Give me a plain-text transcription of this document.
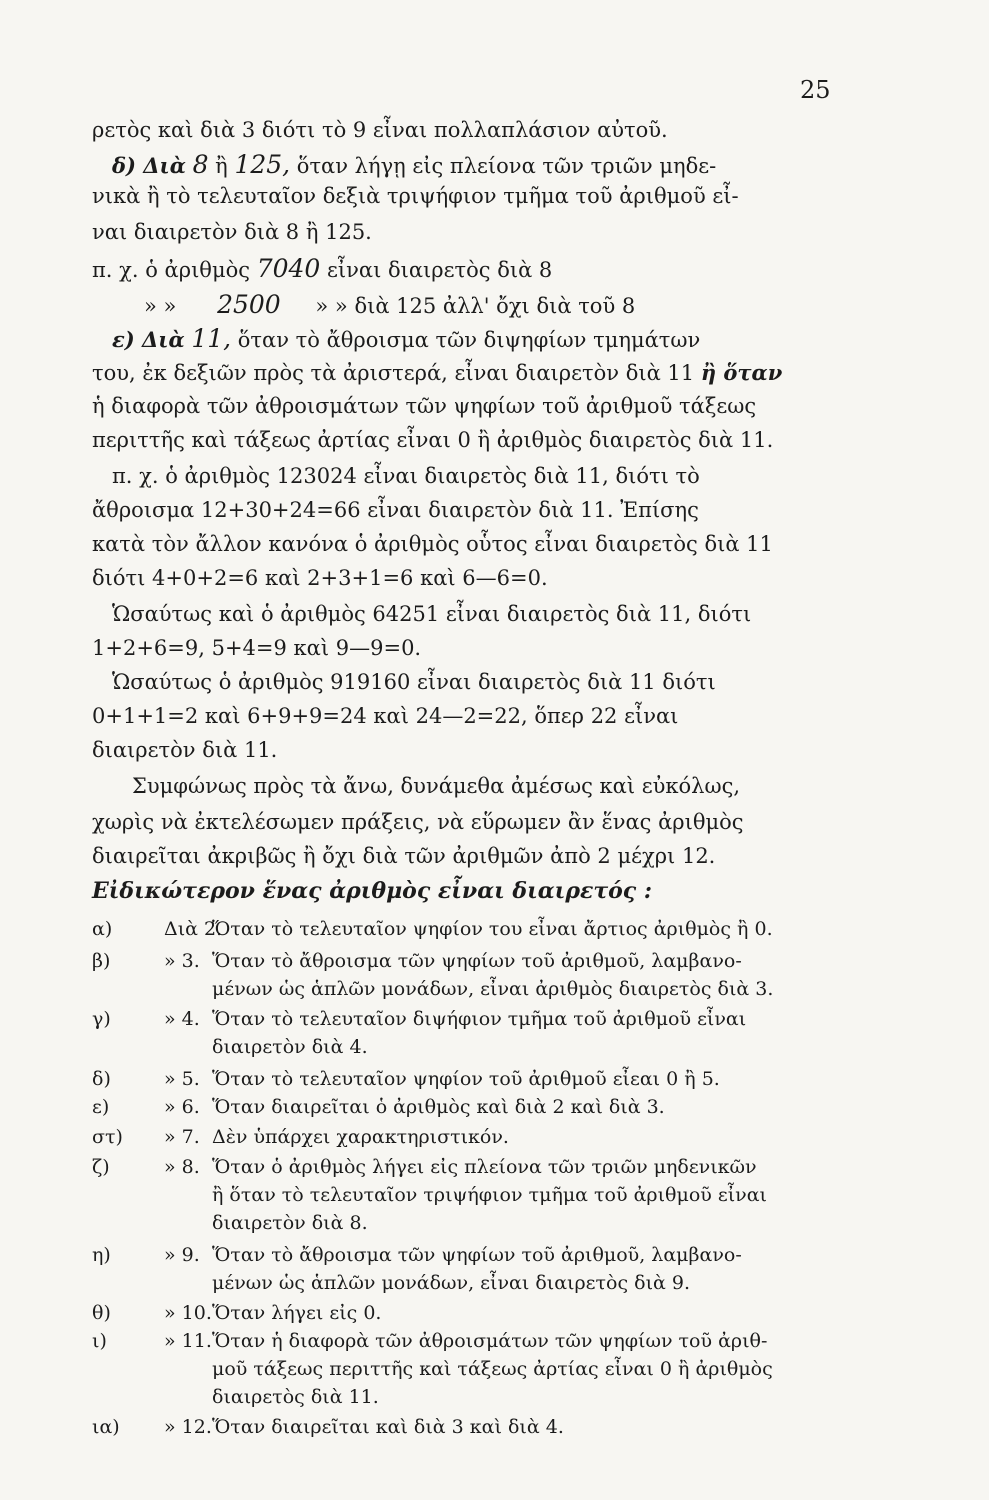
25
ρετὸς καὶ διὰ 3 διότι τὸ 9 εἶναι πολλαπλάσιον αὐτοῦ.
δ) Διὰ 8 ἢ 125, ὅταν λήγῃ εἰς πλείονα τῶν τριῶν μηδε-
νικὰ ἢ τὸ τελευταῖον δεξιὰ τριψήφιον τμῆμα τοῦ ἀριθμοῦ εἶ-
ναι διαιρετὸν διὰ 8 ἢ 125.
π. χ. ὁ ἀριθμὸς 7040 εἶναι διαιρετὸς διὰ 8
» » 2500 » » διὰ 125 ἀλλ' ὄχι διὰ τοῦ 8
ε) Διὰ 11, ὅταν τὸ ἄθροισμα τῶν διψηφίων τμημάτων
του, ἐκ δεξιῶν πρὸς τὰ ἀριστερά, εἶναι διαιρετὸν διὰ 11 ἢ ὅταν
ἡ διαφορὰ τῶν ἀθροισμάτων τῶν ψηφίων τοῦ ἀριθμοῦ τάξεως
περιττῆς καὶ τάξεως ἀρτίας εἶναι 0 ἢ ἀριθμὸς διαιρετὸς διὰ 11.
π. χ. ὁ ἀριθμὸς 123024 εἶναι διαιρετὸς διὰ 11, διότι τὸ
ἄθροισμα 12+30+24=66 εἶναι διαιρετὸν διὰ 11. Ἐπίσης
κατὰ τὸν ἄλλον κανόνα ὁ ἀριθμὸς οὗτος εἶναι διαιρετὸς διὰ 11
διότι 4+0+2=6 καὶ 2+3+1=6 καὶ 6—6=0.
Ὡσαύτως καὶ ὁ ἀριθμὸς 64251 εἶναι διαιρετὸς διὰ 11, διότι
1+2+6=9, 5+4=9 καὶ 9—9=0.
Ὡσαύτως ὁ ἀριθμὸς 919160 εἶναι διαιρετὸς διὰ 11 διότι
0+1+1=2 καὶ 6+9+9=24 καὶ 24—2=22, ὅπερ 22 εἶναι
διαιρετὸν διὰ 11.
Συμφώνως πρὸς τὰ ἄνω, δυνάμεθα ἀμέσως καὶ εὐκόλως,
χωρὶς νὰ ἐκτελέσωμεν πράξεις, νὰ εὕρωμεν ἂν ἕνας ἀριθμὸς
διαιρεῖται ἀκριβῶς ἢ ὄχι διὰ τῶν ἀριθμῶν ἀπὸ 2 μέχρι 12.
Εἰδικώτερον ἕνας ἀριθμὸς εἶναι διαιρετός :
α)	Διὰ 2.
Ὅταν τὸ τελευταῖον ψηφίον του εἶναι ἄρτιος ἀριθμὸς ἢ 0.
β)	» 3. Ὅταν τὸ ἄθροισμα τῶν ψηφίων τοῦ ἀριθμοῦ, λαμβανο-
μένων ὡς ἁπλῶν μονάδων, εἶναι ἀριθμὸς διαιρετὸς διὰ 3.
γ)	» 4. Ὅταν τὸ τελευταῖον διψήφιον τμῆμα τοῦ ἀριθμοῦ εἶναι
διαιρετὸν διὰ 4.
δ)	» 5. Ὅταν τὸ τελευταῖον ψηφίον τοῦ ἀριθμοῦ εἶεαι 0 ἢ 5.
ε)	» 6. Ὅταν διαιρεῖται ὁ ἀριθμὸς καὶ διὰ 2 καὶ διὰ 3.
στ) » 7. Δὲν ὑπάρχει χαρακτηριστικόν.
ζ)	» 8. Ὅταν ὁ ἀριθμὸς λήγει εἰς πλείονα τῶν τριῶν μηδενικῶν
ἢ ὅταν τὸ τελευταῖον τριψήφιον τμῆμα τοῦ ἀριθμοῦ εἶναι
διαιρετὸν διὰ 8.
η)	» 9. Ὅταν τὸ ἄθροισμα τῶν ψηφίων τοῦ ἀριθμοῦ, λαμβανο-
μένων ὡς ἁπλῶν μονάδων, εἶναι διαιρετὸς διὰ 9.
θ)	» 10. Ὅταν λήγει εἰς 0.
ι)	» 11. Ὅταν ἡ διαφορὰ τῶν ἀθροισμάτων τῶν ψηφίων τοῦ ἀριθ-
μοῦ τάξεως περιττῆς καὶ τάξεως ἀρτίας εἶναι 0 ἢ ἀριθμὸς
διαιρετὸς διὰ 11.
ια) » 12. Ὅταν διαιρεῖται καὶ διὰ 3 καὶ διὰ 4.
